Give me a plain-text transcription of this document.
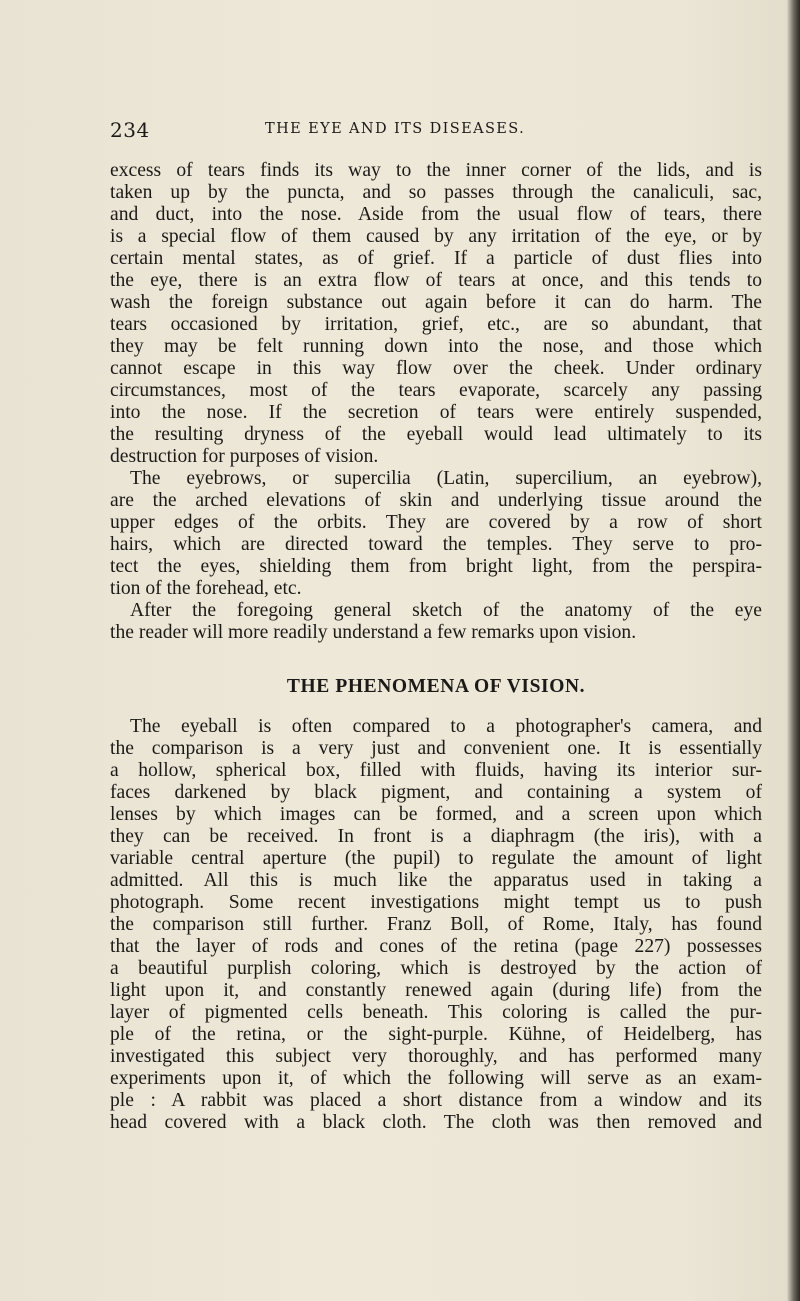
234	THE EYE AND ITS DISEASES.

excess of tears finds its way to the inner corner of the lids, and is

taken up by the puncta, and so passes through the canaliculi, sac,

and duct, into the nose. Aside from the usual flow of tears, there

is a special flow of them caused by any irritation of the eye, or by

certain mental states, as of grief. If a particle of dust flies into

the eye, there is an extra flow of tears at once, and this tends to

wash the foreign substance out again before it can do harm. The

tears occasioned by irritation, grief, etc., are so abundant, that

they may be felt running down into the nose, and those which

cannot escape in this way flow over the cheek. Under ordinary

circumstances, most of the tears evaporate, scarcely any passing

into the nose. If the secretion of tears were entirely suspended,

the resulting dryness of the eyeball would lead ultimately to its

destruction for purposes of vision.

The eyebrows, or supercilia (Latin, supercilium, an eyebrow),

are the arched elevations of skin and underlying tissue around the

upper edges of the orbits. They are covered by a row of short

hairs, which are directed toward the temples. They serve to pro-

tect the eyes, shielding them from bright light, from the perspira-

tion of the forehead, etc.

After the foregoing general sketch of the anatomy of the eye

the reader will more readily understand a few remarks upon vision.

THE PHENOMENA OF VISION.

The eyeball is often compared to a photographer's camera, and

the comparison is a very just and convenient one. It is essentially

a hollow, spherical box, filled with fluids, having its interior sur-

faces darkened by black pigment, and containing a system of

lenses by which images can be formed, and a screen upon which

they can be received. In front is a diaphragm (the iris), with a

variable central aperture (the pupil) to regulate the amount of light

admitted. All this is much like the apparatus used in taking a

photograph. Some recent investigations might tempt us to push

the comparison still further. Franz Boll, of Rome, Italy, has found

that the layer of rods and cones of the retina (page 227) possesses

a beautiful purplish coloring, which is destroyed by the action of

light upon it, and constantly renewed again (during life) from the

layer of pigmented cells beneath. This coloring is called the pur-

ple of the retina, or the sight-purple. Kühne, of Heidelberg, has

investigated this subject very thoroughly, and has performed many

experiments upon it, of which the following will serve as an exam-

ple : A rabbit was placed a short distance from a window and its

head covered with a black cloth. The cloth was then removed and
